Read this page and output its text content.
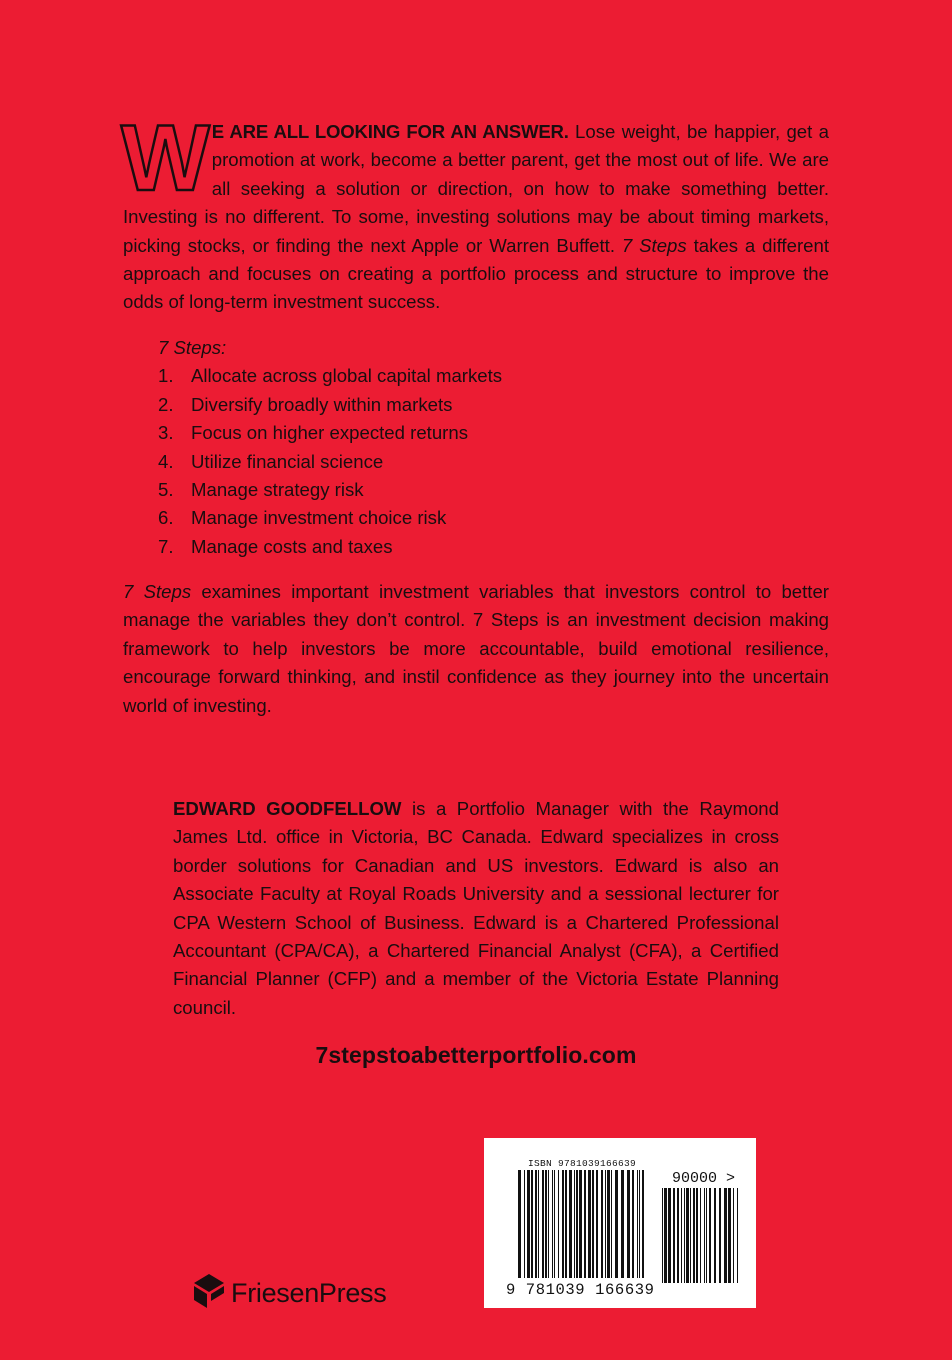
W E ARE ALL LOOKING FOR AN ANSWER. Lose weight, be happier, get a promotion at work, become a better parent, get the most out of life. We are all seeking a solution or direction, on how to make something better. Investing is no different. To some, investing solutions may be about timing markets, picking stocks, or finding the next Apple or Warren Buffett. 7 Steps takes a different approach and focuses on creating a portfolio process and structure to improve the odds of long-term investment success.

7 Steps:

1. Allocate across global capital markets
2. Diversify broadly within markets
3. Focus on higher expected returns
4. Utilize financial science
5. Manage strategy risk
6. Manage investment choice risk
7. Manage costs and taxes
7 Steps examines important investment variables that investors control to better manage the variables they don’t control. 7 Steps is an investment decision making framework to help investors be more accountable, build emotional resilience, encourage forward thinking, and instil confidence as they journey into the uncertain world of investing.
EDWARD GOODFELLOW is a Portfolio Manager with the Raymond James Ltd. office in Victoria, BC Canada. Edward specializes in cross border solutions for Canadian and US investors. Edward is also an Associate Faculty at Royal Roads University and a sessional lecturer for CPA Western School of Business. Edward is a Chartered Professional Accountant (CPA/CA), a Chartered Financial Analyst (CFA), a Certified Financial Planner (CFP) and a member of the Victoria Estate Planning council.
7stepstoabetterportfolio.com
FriesenPress
ISBN 9781039166639
90000 >
9 781039 166639
